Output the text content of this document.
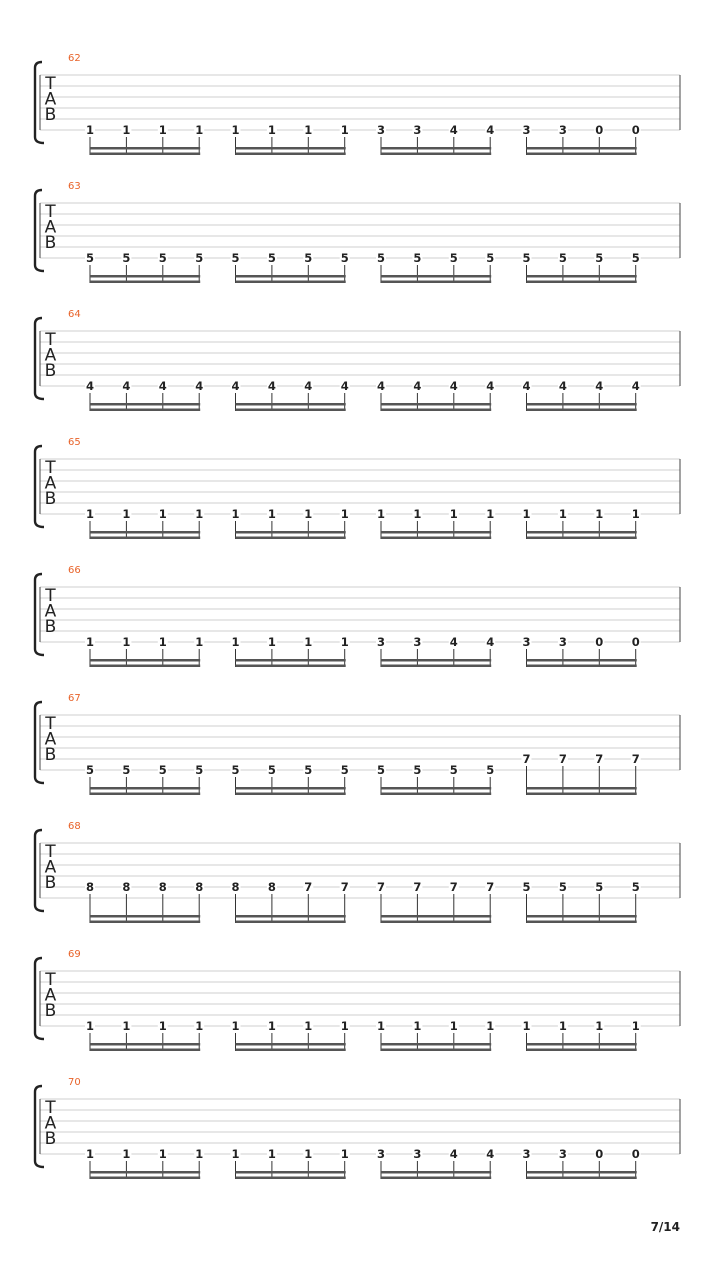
62
T
A
B
1 1 1 1 1 1 1 1 3 3 4 4 3 3 0 0
63
T
A
B
5 5 5 5 5 5 5 5 5 5 5 5 5 5 5 5
64
T
A
B
4 4 4 4 4 4 4 4 4 4 4 4 4 4 4 4
65
T
A
B
1 1 1 1 1 1 1 1 1 1 1 1 1 1 1 1
66
T
A
B
1 1 1 1 1 1 1 1 3 3 4 4 3 3 0 0
67
T
A
B
5 5 5 5 5 5 5 5 5 5 5 5
7 7 7 7
68
T
A
B	8 8 8 8 8 8 7 7 7 7 7 7 5 5 5 5
69
T
A
B
1 1 1 1 1 1 1 1 1 1 1 1 1 1 1 1
70
T
A
B
1 1 1 1 1 1 1 1 3 3 4 4 3 3 0 0
7/14
